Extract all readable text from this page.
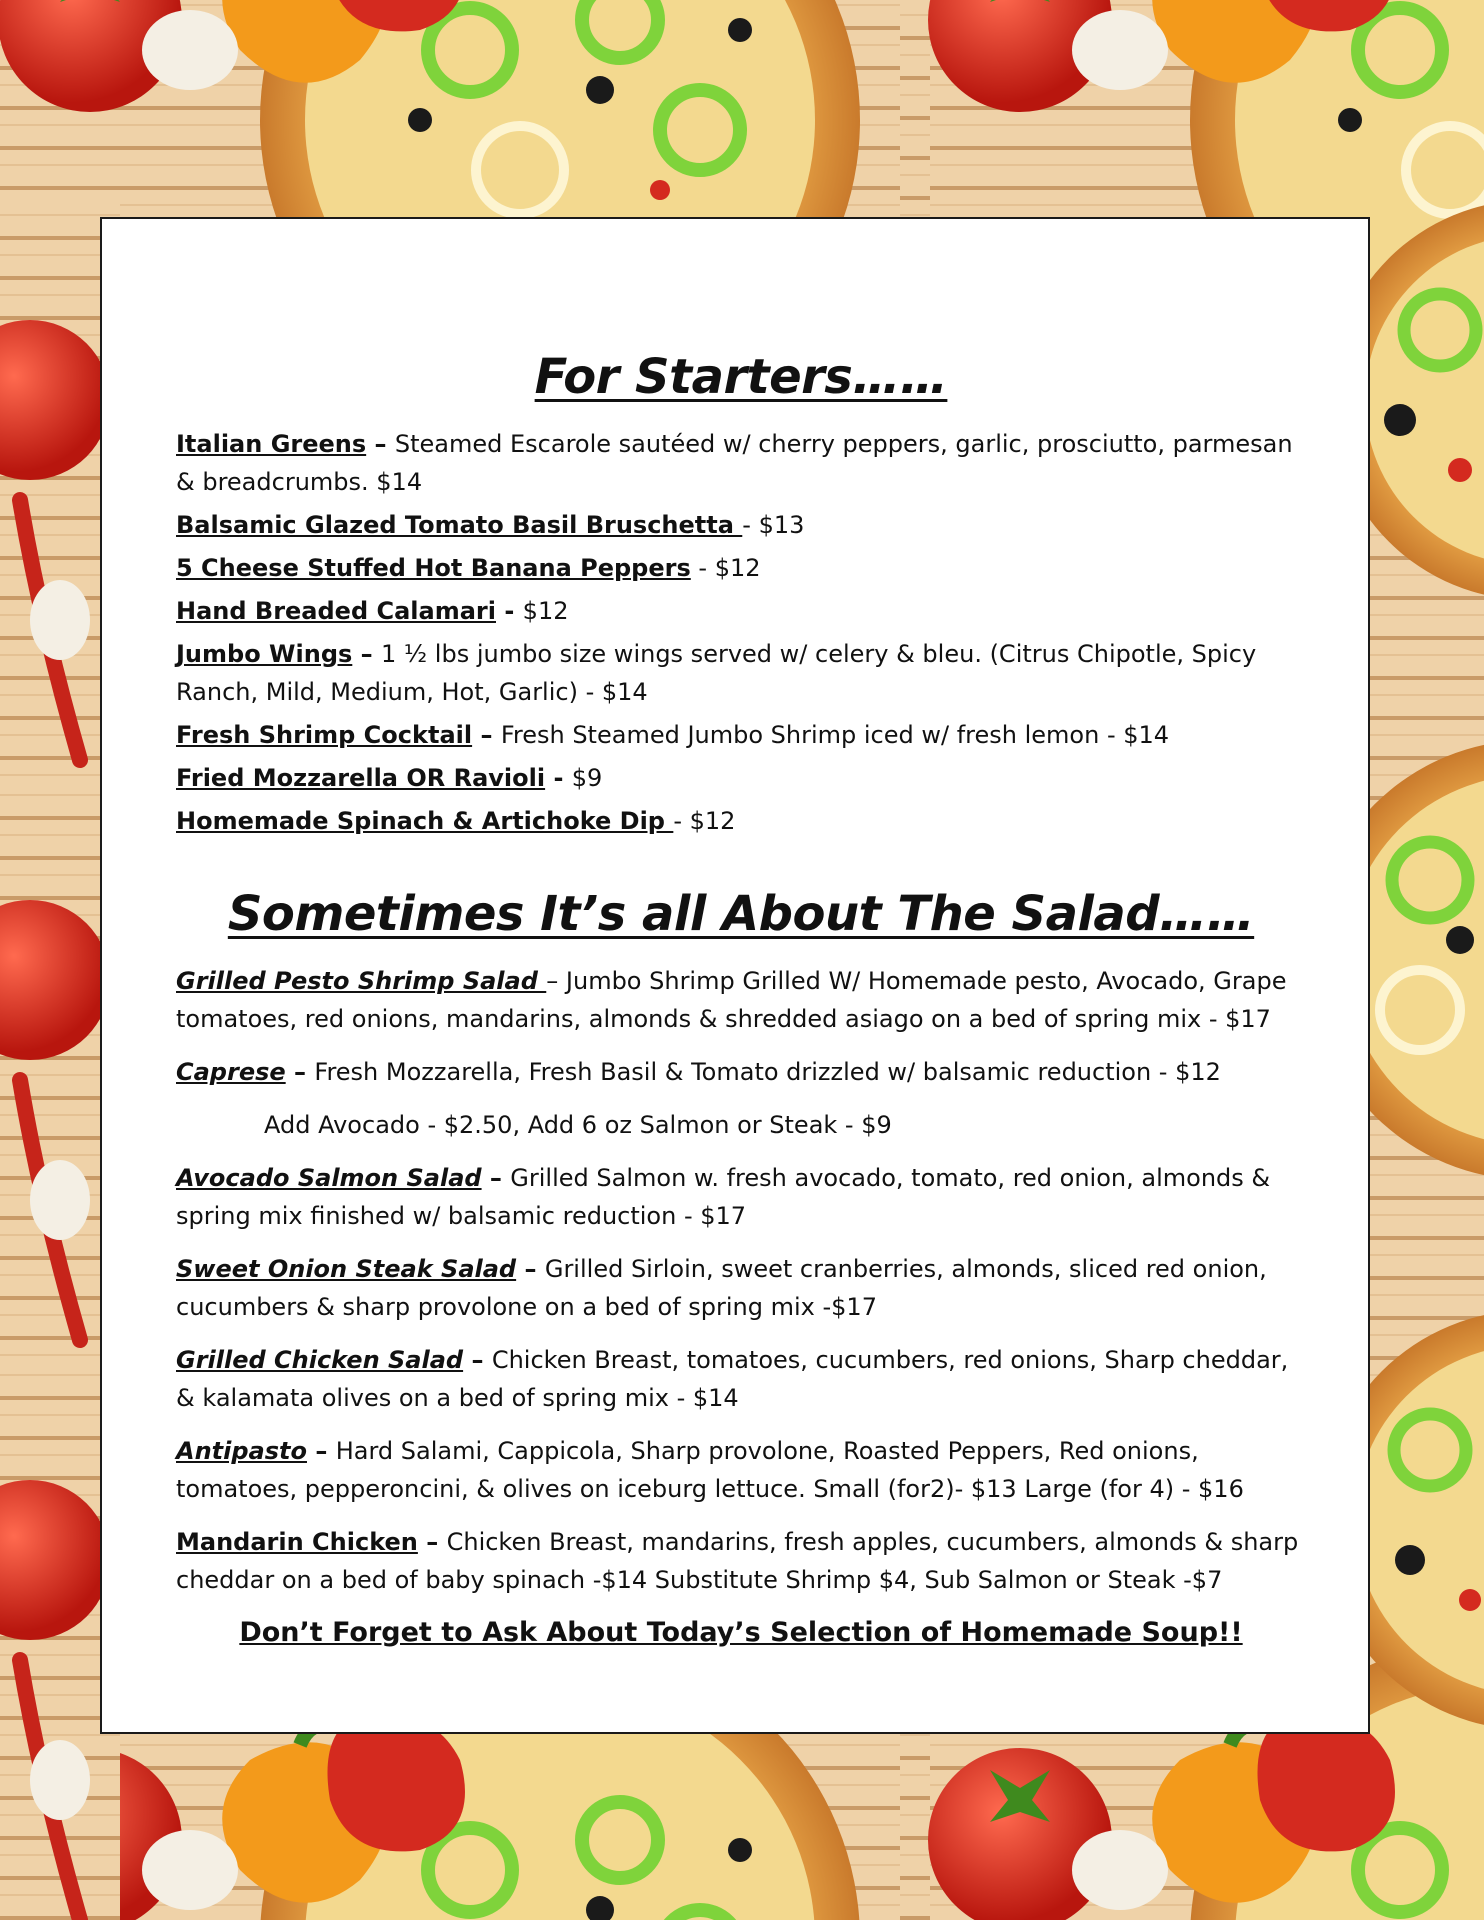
For Starters……

Italian Greens – Steamed Escarole sautéed w/ cherry peppers, garlic, prosciutto, parmesan & breadcrumbs. $14

Balsamic Glazed Tomato Basil Bruschetta - $13

5 Cheese Stuffed Hot Banana Peppers - $12

Hand Breaded Calamari - $12

Jumbo Wings – 1 ½ lbs jumbo size wings served w/ celery & bleu. (Citrus Chipotle, Spicy Ranch, Mild, Medium, Hot, Garlic) - $14

Fresh Shrimp Cocktail – Fresh Steamed Jumbo Shrimp iced w/ fresh lemon - $14

Fried Mozzarella OR Ravioli - $9

Homemade Spinach & Artichoke Dip - $12

Sometimes It’s all About The Salad……

Grilled Pesto Shrimp Salad – Jumbo Shrimp Grilled W/ Homemade pesto, Avocado, Grape tomatoes, red onions, mandarins, almonds & shredded asiago on a bed of spring mix - $17

Caprese – Fresh Mozzarella, Fresh Basil & Tomato drizzled w/ balsamic reduction - $12

Add Avocado - $2.50, Add 6 oz Salmon or Steak - $9

Avocado Salmon Salad – Grilled Salmon w. fresh avocado, tomato, red onion, almonds & spring mix finished w/ balsamic reduction - $17

Sweet Onion Steak Salad – Grilled Sirloin, sweet cranberries, almonds, sliced red onion, cucumbers & sharp provolone on a bed of spring mix -$17

Grilled Chicken Salad – Chicken Breast, tomatoes, cucumbers, red onions, Sharp cheddar, & kalamata olives on a bed of spring mix - $14

Antipasto – Hard Salami, Cappicola, Sharp provolone, Roasted Peppers, Red onions, tomatoes, pepperoncini, & olives on iceburg lettuce. Small (for2)- $13 Large (for 4) - $16

Mandarin Chicken – Chicken Breast, mandarins, fresh apples, cucumbers, almonds & sharp cheddar on a bed of baby spinach -$14 Substitute Shrimp $4, Sub Salmon or Steak -$7

Don’t Forget to Ask About Today’s Selection of Homemade Soup!!
